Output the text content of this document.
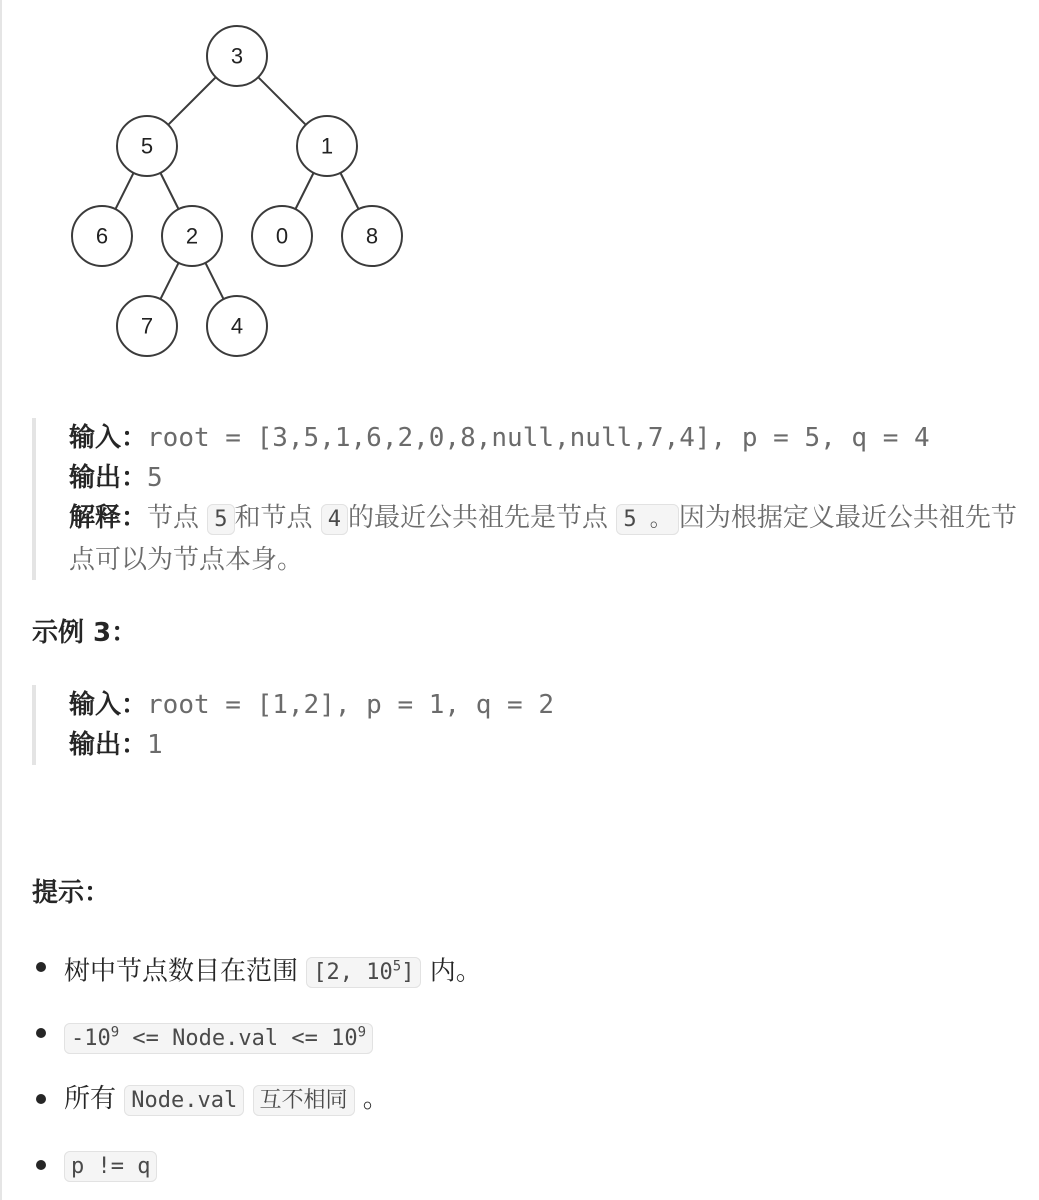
3
5	1
6	2	0	8
7	4
输入：root = [3,5,1,6,2,0,8,null,null,7,4], p = 5, q = 4
输出：5
解释：节点 5 和节点 4 的最近公共祖先是节点 5 。 因为根据定义最近公共祖先节点可以为节点本身。
示例 3：
输入：root = [1,2], p = 1, q = 2
输出：1
提示：
树中节点数目在范围 [2, $10^5$] 内。
$-10^9$ <= Node.val <= $10^9$
所有 Node.val 互不相同 。
p != q
